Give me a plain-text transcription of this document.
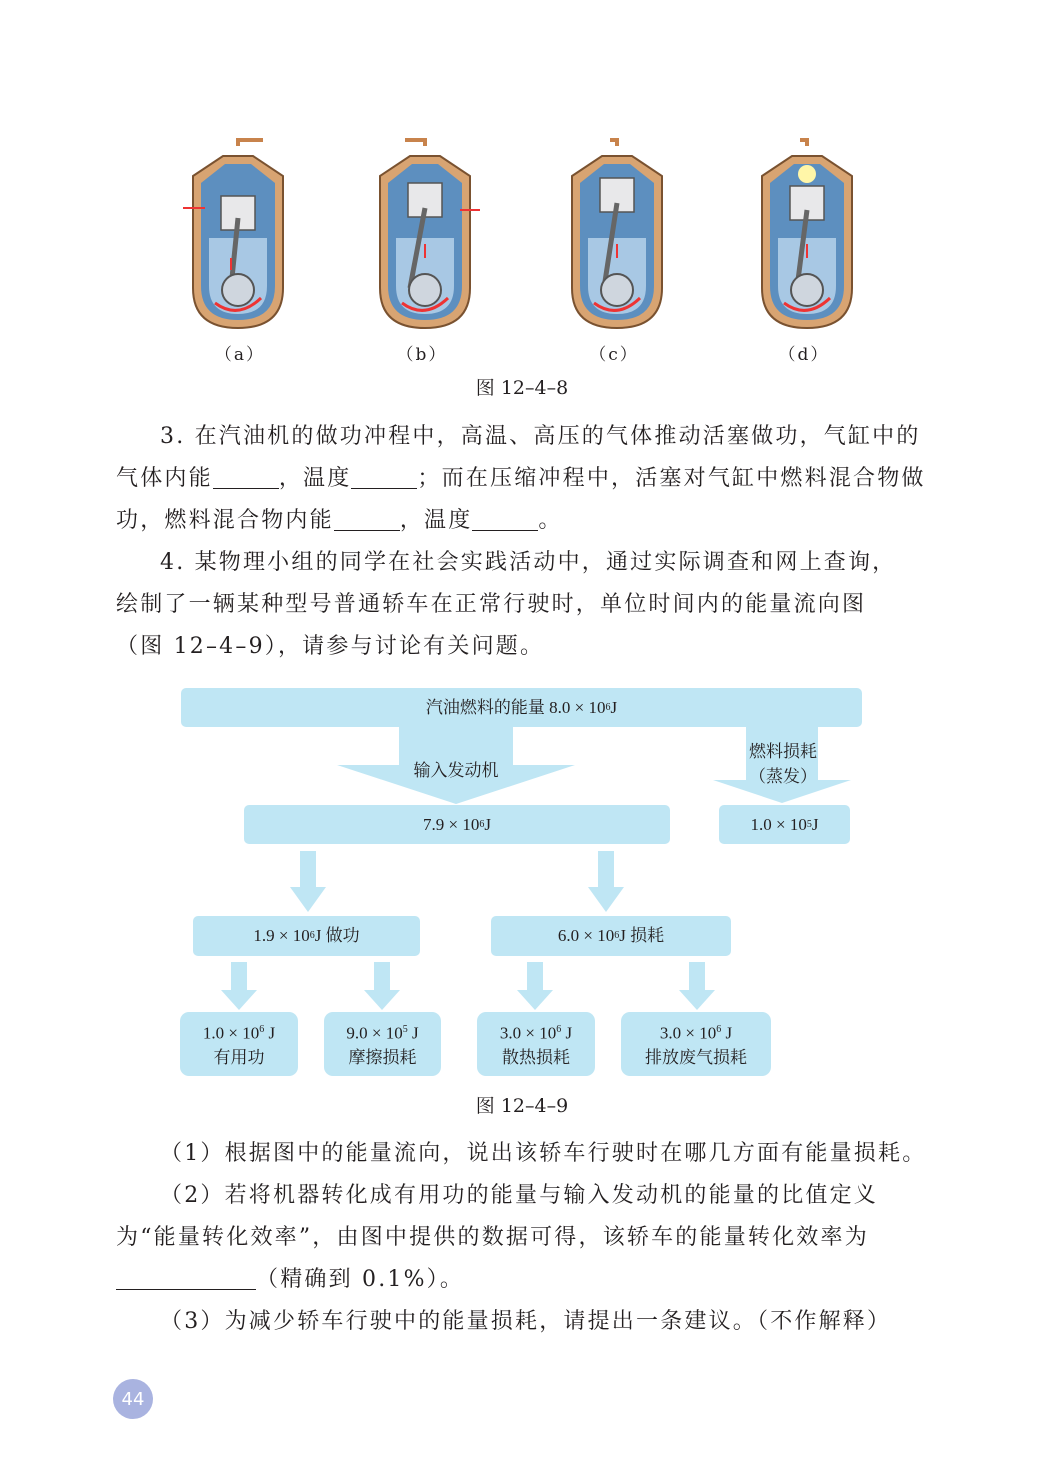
（a）	（b）	（c）	（d）
图 12–4–8
3. 在汽油机的做功冲程中，高温、高压的气体推动活塞做功，气缸中的
气体内能	，温度	；而在压缩冲程中，活塞对气缸中燃料混合物做
功，燃料混合物内能	，温度	。
4. 某物理小组的同学在社会实践活动中，通过实际调查和网上查询，
绘制了一辆某种型号普通轿车在正常行驶时，单位时间内的能量流向图
（图 12–4–9），请参与讨论有关问题。
汽油燃料的能量 8.0 × 10 6 J
输入发动机
燃料损耗
（蒸发）
7.9 × 10 6 J	1.0 × 10 5 J
1.9 × 10 6 J 做功	6.0 × 10 6 J 损耗
$1.0 \times 10^6$ J
有用功
$9.0 \times 10^5$ J
摩擦损耗
$3.0 \times 10^6$ J
散热损耗
$3.0 \times 10^6$ J
排放废气损耗
图 12–4–9
（1）根据图中的能量流向，说出该轿车行驶时在哪几方面有能量损耗。
（2）若将机器转化成有用功的能量与输入发动机的能量的比值定义
为“能量转化效率”，由图中提供的数据可得，该轿车的能量转化效率为
（精确到 0.1%）。
（3）为减少轿车行驶中的能量损耗，请提出一条建议。（不作解释）
44
